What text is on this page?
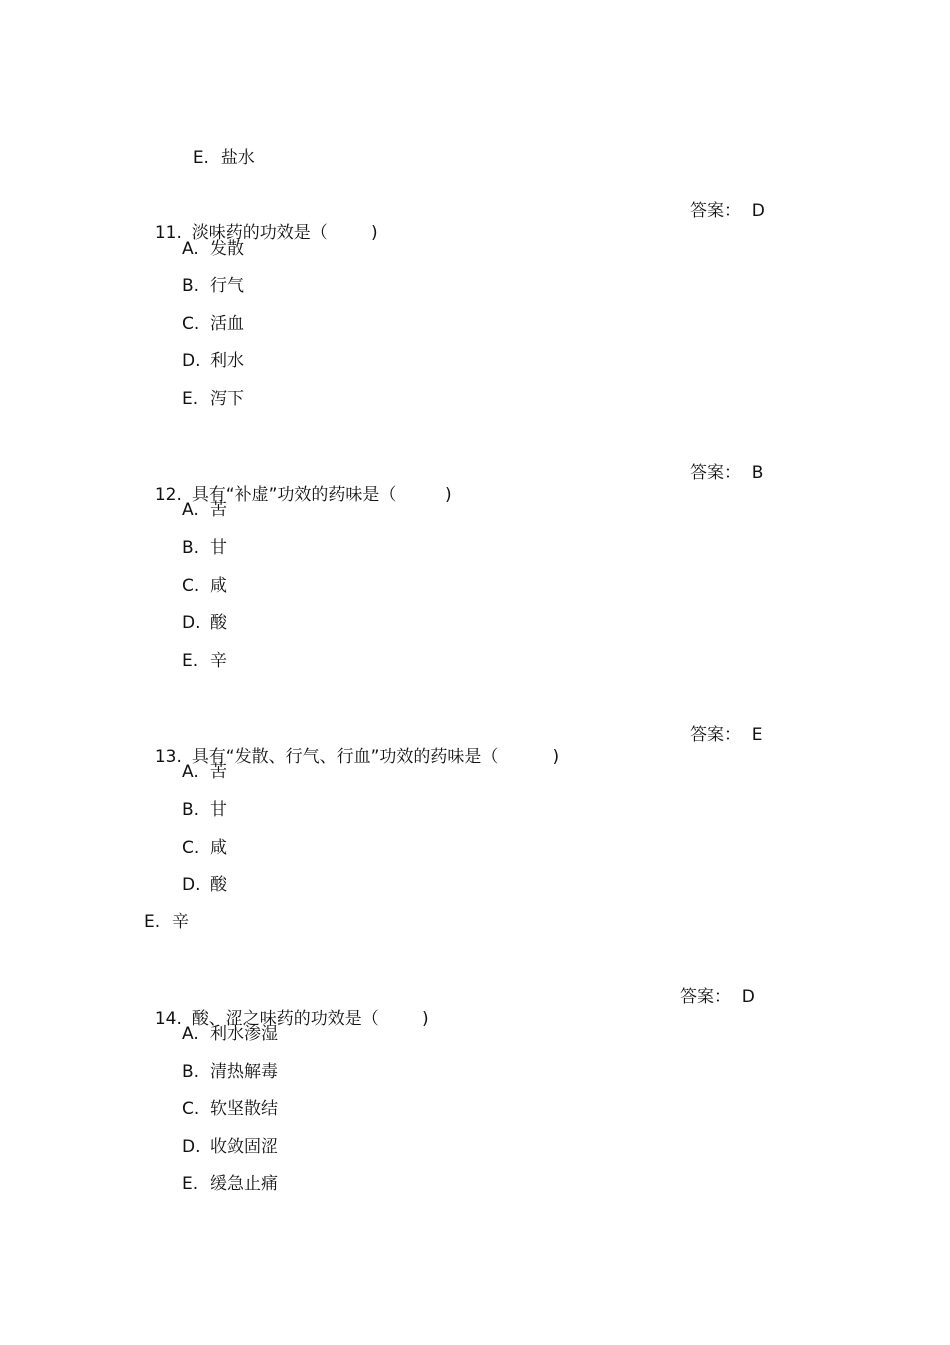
E. 盐水

11. 淡味药的功效是（        )

答案：  D
A. 发散
B. 行气
C. 活血
D. 利水
E. 泻下

12. 具有“补虚”功效的药味是（         )

答案：  B
A. 苦
B. 甘
C. 咸
D. 酸
E. 辛

13. 具有“发散、行气、行血”功效的药味是（          )

答案：  E
A. 苦
B. 甘
C. 咸
D. 酸
E. 辛

14. 酸、涩之味药的功效是（        )

答案：  D
A. 利水渗湿
B. 清热解毒
C. 软坚散结
D. 收敛固涩
E. 缓急止痛
